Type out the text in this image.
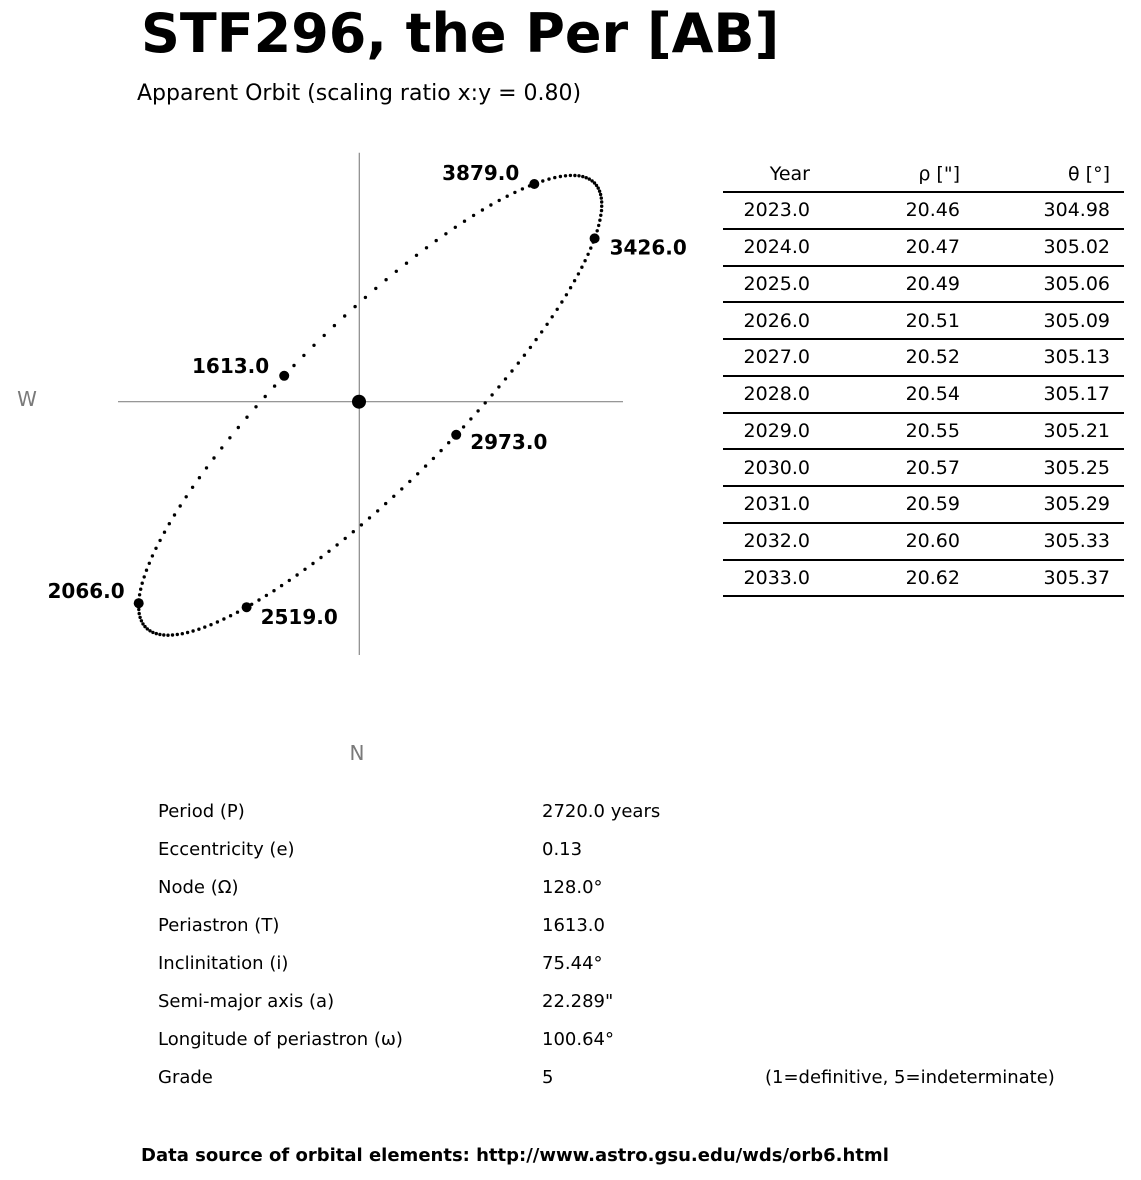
STF296, the Per [AB]
Apparent Orbit (scaling ratio x:y = 0.80)
1613.0
2066.0
2519.0
2973.0
3426.0
3879.0
W
N
Year	ρ ["]	θ [°]
2023.0	20.46	304.98
2024.0	20.47	305.02
2025.0	20.49	305.06
2026.0	20.51	305.09
2027.0	20.52	305.13
2028.0	20.54	305.17
2029.0	20.55	305.21
2030.0	20.57	305.25
2031.0	20.59	305.29
2032.0	20.60	305.33
2033.0	20.62	305.37
Period (P)	2720.0 years
Eccentricity (e)	0.13
Node (Ω)	128.0°
Periastron (T)	1613.0
Inclinitation (i)	75.44°
Semi-major axis (a)	22.289"
Longitude of periastron (ω)	100.64°
Grade	5	(1=definitive, 5=indeterminate)
Data source of orbital elements: http://www.astro.gsu.edu/wds/orb6.html
